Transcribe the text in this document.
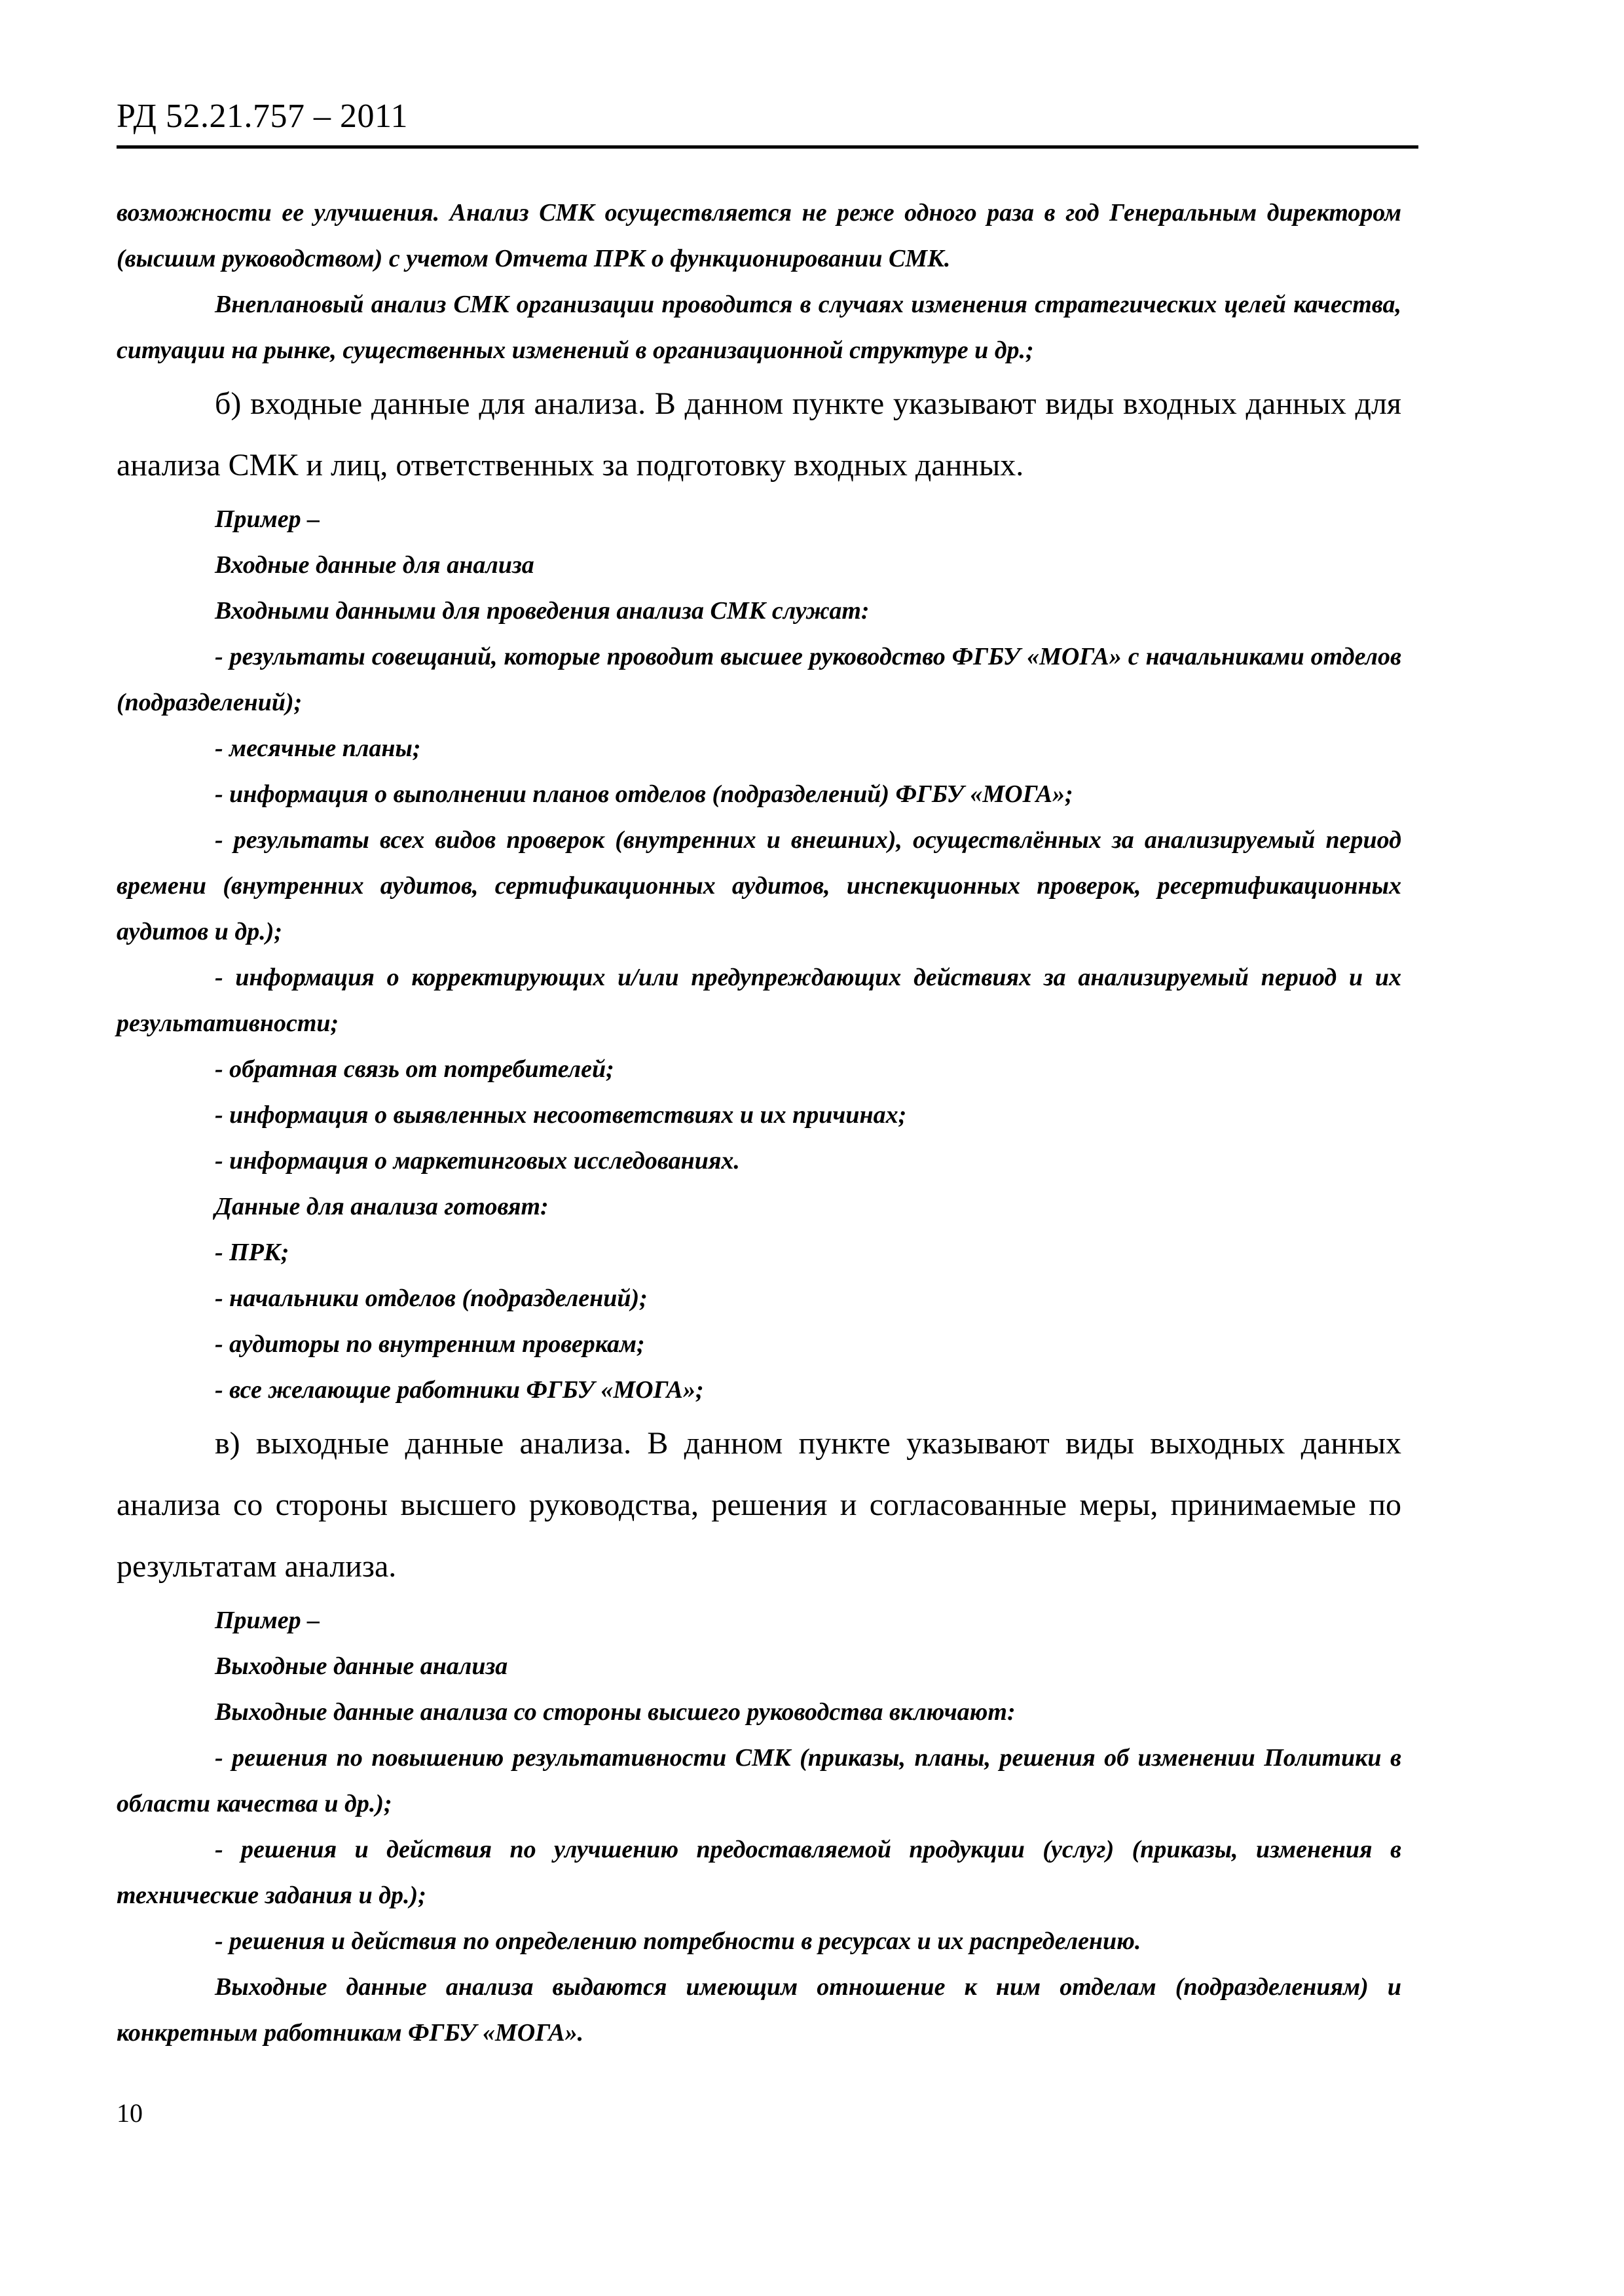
РД 52.21.757 – 2011

возможности ее улучшения. Анализ СМК осуществляется не реже одного раза в год Генеральным директором (высшим руководством) с учетом Отчета ПРК о функционировании СМК.

Внеплановый анализ СМК организации проводится в случаях изменения стратегических целей качества, ситуации на рынке, существенных изменений в организационной структуре и др.;

б) входные данные для анализа. В данном пункте указывают виды входных данных для анализа СМК и лиц, ответственных за подготовку входных данных.

Пример –

Входные данные для анализа

Входными данными для проведения анализа СМК служат:

- результаты совещаний, которые проводит высшее руководство ФГБУ «МОГА» с начальниками отделов (подразделений);

- месячные планы;

- информация о выполнении планов отделов (подразделений) ФГБУ «МОГА»;

- результаты всех видов проверок (внутренних и внешних), осуществлённых за анализируемый период времени (внутренних аудитов, сертификационных аудитов, инспекционных проверок, ресертификационных аудитов и др.);

- информация о корректирующих и/или предупреждающих действиях за анализируемый период и их результативности;

- обратная связь от потребителей;

- информация о выявленных несоответствиях и их причинах;

- информация о маркетинговых исследованиях.

Данные для анализа готовят:

- ПРК;

- начальники отделов (подразделений);

- аудиторы по внутренним проверкам;

- все желающие работники ФГБУ «МОГА»;

в) выходные данные анализа. В данном пункте указывают виды выходных данных анализа со стороны высшего руководства, решения и согласованные меры, принимаемые по результатам анализа.

Пример –

Выходные данные анализа

Выходные данные анализа со стороны высшего руководства включают:

- решения по повышению результативности СМК (приказы, планы, решения об изменении Политики в области качества и др.);

- решения и действия по улучшению предоставляемой продукции (услуг) (приказы, изменения в технические задания и др.);

- решения и действия по определению потребности в ресурсах и их распределению.

Выходные данные анализа выдаются имеющим отношение к ним отделам (подразделениям) и конкретным работникам ФГБУ «МОГА».

10
